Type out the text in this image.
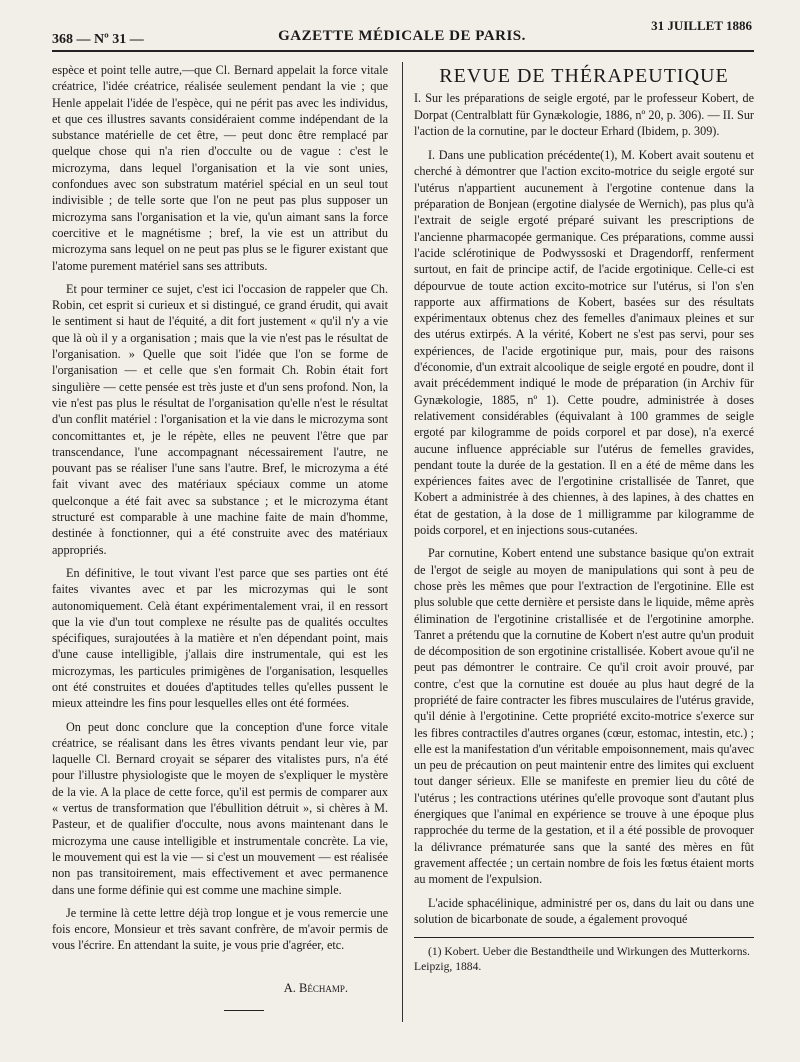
368 — Nº 31 —	GAZETTE MÉDICALE DE PARIS.
31 JUILLET 1886

espèce et point telle autre,—que Cl. Bernard appelait la force vitale créatrice, l'idée créatrice, réalisée seulement pendant la vie ; que Henle appelait l'idée de l'espèce, qui ne périt pas avec les individus, et que ces illustres savants considéraient comme indépendant de la substance matérielle de cet être, — peut donc être remplacé par quelque chose qui n'a rien d'occulte ou de vague : c'est le microzyma, dans lequel l'organisation et la vie sont unies, confondues avec son substratum matériel spécial en un seul tout indivisible ; de telle sorte que l'on ne peut pas plus supposer un microzyma sans l'organisation et la vie, qu'un aimant sans la force coercitive et le magnétisme ; bref, la vie est un attribut du microzyma sans lequel on ne peut pas plus se le figurer existant que l'atome purement matériel sans ses attributs.

Et pour terminer ce sujet, c'est ici l'occasion de rappeler que Ch. Robin, cet esprit si curieux et si distingué, ce grand érudit, qui avait le sentiment si haut de l'équité, a dit fort justement « qu'il n'y a vie que là où il y a organisation ; mais que la vie n'est pas le résultat de l'organisation. » Quelle que soit l'idée que l'on se forme de l'organisation — et celle que s'en formait Ch. Robin était fort singulière — cette pensée est très juste et d'un sens profond. Non, la vie n'est pas plus le résultat de l'organisation qu'elle n'est le résultat d'un conflit matériel : l'organisation et la vie dans le microzyma sont concomittantes et, je le répète, elles ne peuvent l'être que par transcendance, l'une accompagnant nécessairement l'autre, ne pouvant pas se réaliser l'une sans l'autre. Bref, le microzyma a été fait vivant avec des matériaux spéciaux comme un atome quelconque a été fait avec sa substance ; et le microzyma étant structuré est comparable à une machine faite de main d'homme, destinée à fonctionner, qui a été construite avec des matériaux appropriés.

En définitive, le tout vivant l'est parce que ses parties ont été faites vivantes avec et par les microzymas qui le sont autonomiquement. Celà étant expérimentalement vrai, il en ressort que la vie d'un tout complexe ne résulte pas de qualités occultes spécifiques, surajoutées à la matière et n'en dépendant point, mais d'une cause intelligible, j'allais dire instrumentale, qui est les microzymas, les particules primigènes de l'organisation, lesquelles ont été construites et douées d'aptitudes telles qu'elles pussent le mieux atteindre les fins pour lesquelles elles ont été formées.

On peut donc conclure que la conception d'une force vitale créatrice, se réalisant dans les êtres vivants pendant leur vie, par laquelle Cl. Bernard croyait se séparer des vitalistes purs, n'a été pour l'illustre physiologiste que le moyen de s'expliquer le mystère de la vie. A la place de cette force, qu'il est permis de comparer aux « vertus de transformation que l'ébullition détruit », si chères à M. Pasteur, et de qualifier d'occulte, nous avons maintenant dans le microzyma une cause intelligible et instrumentale concrète. La vie, le mouvement qui est la vie — si c'est un mouvement — est réalisée non pas transitoirement, mais effectivement et avec permanence dans une forme définie qui est comme une machine simple.

Je termine là cette lettre déjà trop longue et je vous remercie une fois encore, Monsieur et très savant confrère, de m'avoir permis de vous l'écrire. En attendant la suite, je vous prie d'agréer, etc.

A. Béchamp.
REVUE DE THÉRAPEUTIQUE

I. Sur les préparations de seigle ergoté, par le professeur Kobert, de Dorpat (Centralblatt für Gynækologie, 1886, nº 20, p. 306). — II. Sur l'action de la cornutine, par le docteur Erhard (Ibidem, p. 309).

I. Dans une publication précédente(1), M. Kobert avait soutenu et cherché à démontrer que l'action excito-motrice du seigle ergoté sur l'utérus n'appartient aucunement à l'ergotine contenue dans la préparation de Bonjean (ergotine dialysée de Wernich), pas plus qu'à l'extrait de seigle ergoté préparé suivant les prescriptions de l'ancienne pharmacopée germanique. Ces préparations, comme aussi l'acide sclérotinique de Podwyssoski et Dragendorff, renferment surtout, en fait de principe actif, de l'acide ergotinique. Celle-ci est dépourvue de toute action excito-motrice sur l'utérus, si l'on s'en rapporte aux affirmations de Kobert, basées sur des résultats expérimentaux obtenus chez des femelles d'animaux pleines et sur des utérus extirpés. A la vérité, Kobert ne s'est pas servi, pour ses expériences, de l'acide ergotinique pur, mais, pour des raisons d'économie, d'un extrait alcoolique de seigle ergoté en poudre, dont il avait précédemment indiqué le mode de préparation (in Archiv für Gynækologie, 1885, nº 1). Cette poudre, administrée à doses relativement considérables (équivalant à 100 grammes de seigle ergoté par kilogramme de poids corporel et par dose), n'a exercé aucune influence appréciable sur l'utérus de femelles gravides, pendant toute la durée de la gestation. Il en a été de même dans les expériences faites avec de l'ergotinine cristallisée de Tanret, que Kobert a administrée à des chiennes, à des lapines, à des chattes en état de gestation, à la dose de 1 milligramme par kilogramme de poids corporel, et en injections sous-cutanées.

Par cornutine, Kobert entend une substance basique qu'on extrait de l'ergot de seigle au moyen de manipulations qui sont à peu de chose près les mêmes que pour l'extraction de l'ergotinine. Elle est plus soluble que cette dernière et persiste dans le liquide, même après élimination de l'ergotinine cristallisée et de l'ergotinine amorphe. Tanret a prétendu que la cornutine de Kobert n'est autre qu'un produit de décomposition de son ergotinine cristallisée. Kobert avoue qu'il ne peut pas démontrer le contraire. Ce qu'il croit avoir prouvé, par contre, c'est que la cornutine est douée au plus haut degré de la propriété de faire contracter les fibres musculaires de l'utérus gravide, qu'il dénie à l'ergotinine. Cette propriété excito-motrice s'exerce sur les fibres contractiles d'autres organes (cœur, estomac, intestin, etc.) ; elle est la manifestation d'un véritable empoisonnement, mais qu'avec un peu de précaution on peut maintenir entre des limites qui excluent tout danger sérieux. Elle se manifeste en premier lieu du côté de l'utérus ; les contractions utérines qu'elle provoque sont d'autant plus énergiques que l'animal en expérience se trouve à une époque plus rapprochée du terme de la gestation, et il a été possible de provoquer la délivrance prématurée sans que la santé des mères en fût gravement affectée ; un certain nombre de fois les fœtus étaient morts au moment de l'expulsion.

L'acide sphacélinique, administré per os, dans du lait ou dans une solution de bicarbonate de soude, a également provoqué

(1) Kobert. Ueber die Bestandtheile und Wirkungen des Mutterkorns. Leipzig, 1884.
